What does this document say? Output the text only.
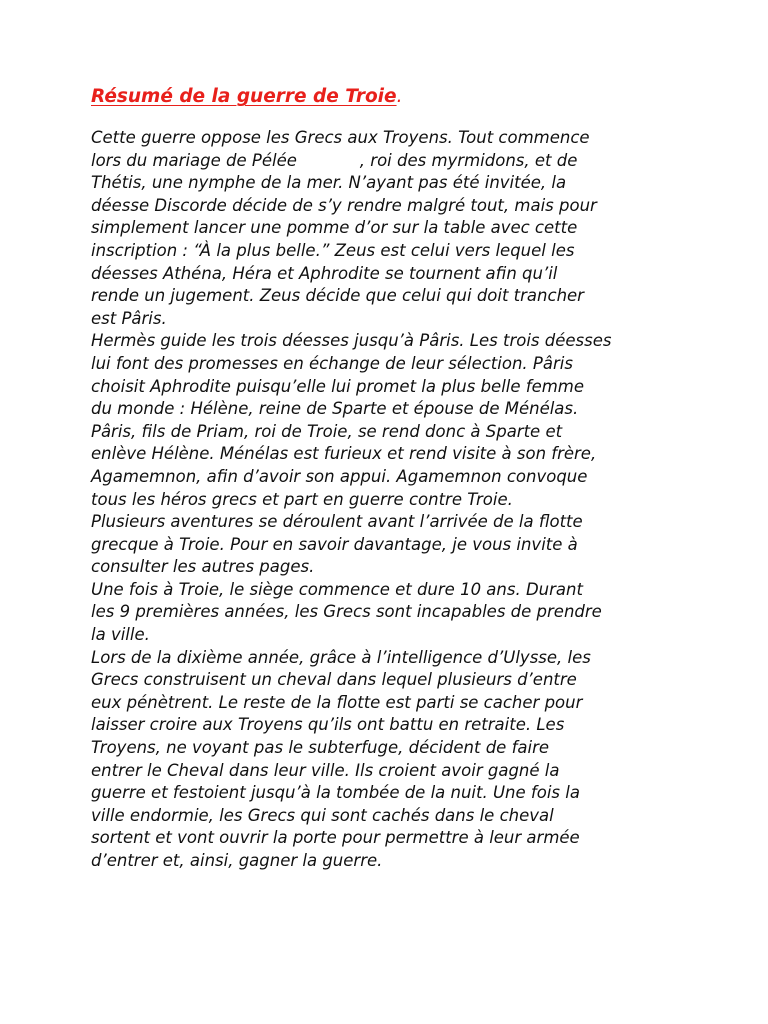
Résumé de la guerre de Troie.
Cette guerre oppose les Grecs aux Troyens. Tout commence
lors du mariage de Pélée            , roi des myrmidons, et de
Thétis, une nymphe de la mer. N’ayant pas été invitée, la
déesse Discorde décide de s’y rendre malgré tout, mais pour
simplement lancer une pomme d’or sur la table avec cette
inscription : “À la plus belle.” Zeus est celui vers lequel les
déesses Athéna, Héra et Aphrodite se tournent afin qu’il
rende un jugement. Zeus décide que celui qui doit trancher
est Pâris.
Hermès guide les trois déesses jusqu’à Pâris. Les trois déesses
lui font des promesses en échange de leur sélection. Pâris
choisit Aphrodite puisqu’elle lui promet la plus belle femme
du monde : Hélène, reine de Sparte et épouse de Ménélas.
Pâris, fils de Priam, roi de Troie, se rend donc à Sparte et
enlève Hélène. Ménélas est furieux et rend visite à son frère,
Agamemnon, afin d’avoir son appui. Agamemnon convoque
tous les héros grecs et part en guerre contre Troie.
Plusieurs aventures se déroulent avant l’arrivée de la flotte
grecque à Troie. Pour en savoir davantage, je vous invite à
consulter les autres pages.
Une fois à Troie, le siège commence et dure 10 ans. Durant
les 9 premières années, les Grecs sont incapables de prendre
la ville.
Lors de la dixième année, grâce à l’intelligence d’Ulysse, les
Grecs construisent un cheval dans lequel plusieurs d’entre
eux pénètrent. Le reste de la flotte est parti se cacher pour
laisser croire aux Troyens qu’ils ont battu en retraite. Les
Troyens, ne voyant pas le subterfuge, décident de faire
entrer le Cheval dans leur ville. Ils croient avoir gagné la
guerre et festoient jusqu’à la tombée de la nuit. Une fois la
ville endormie, les Grecs qui sont cachés dans le cheval
sortent et vont ouvrir la porte pour permettre à leur armée
d’entrer et, ainsi, gagner la guerre.
